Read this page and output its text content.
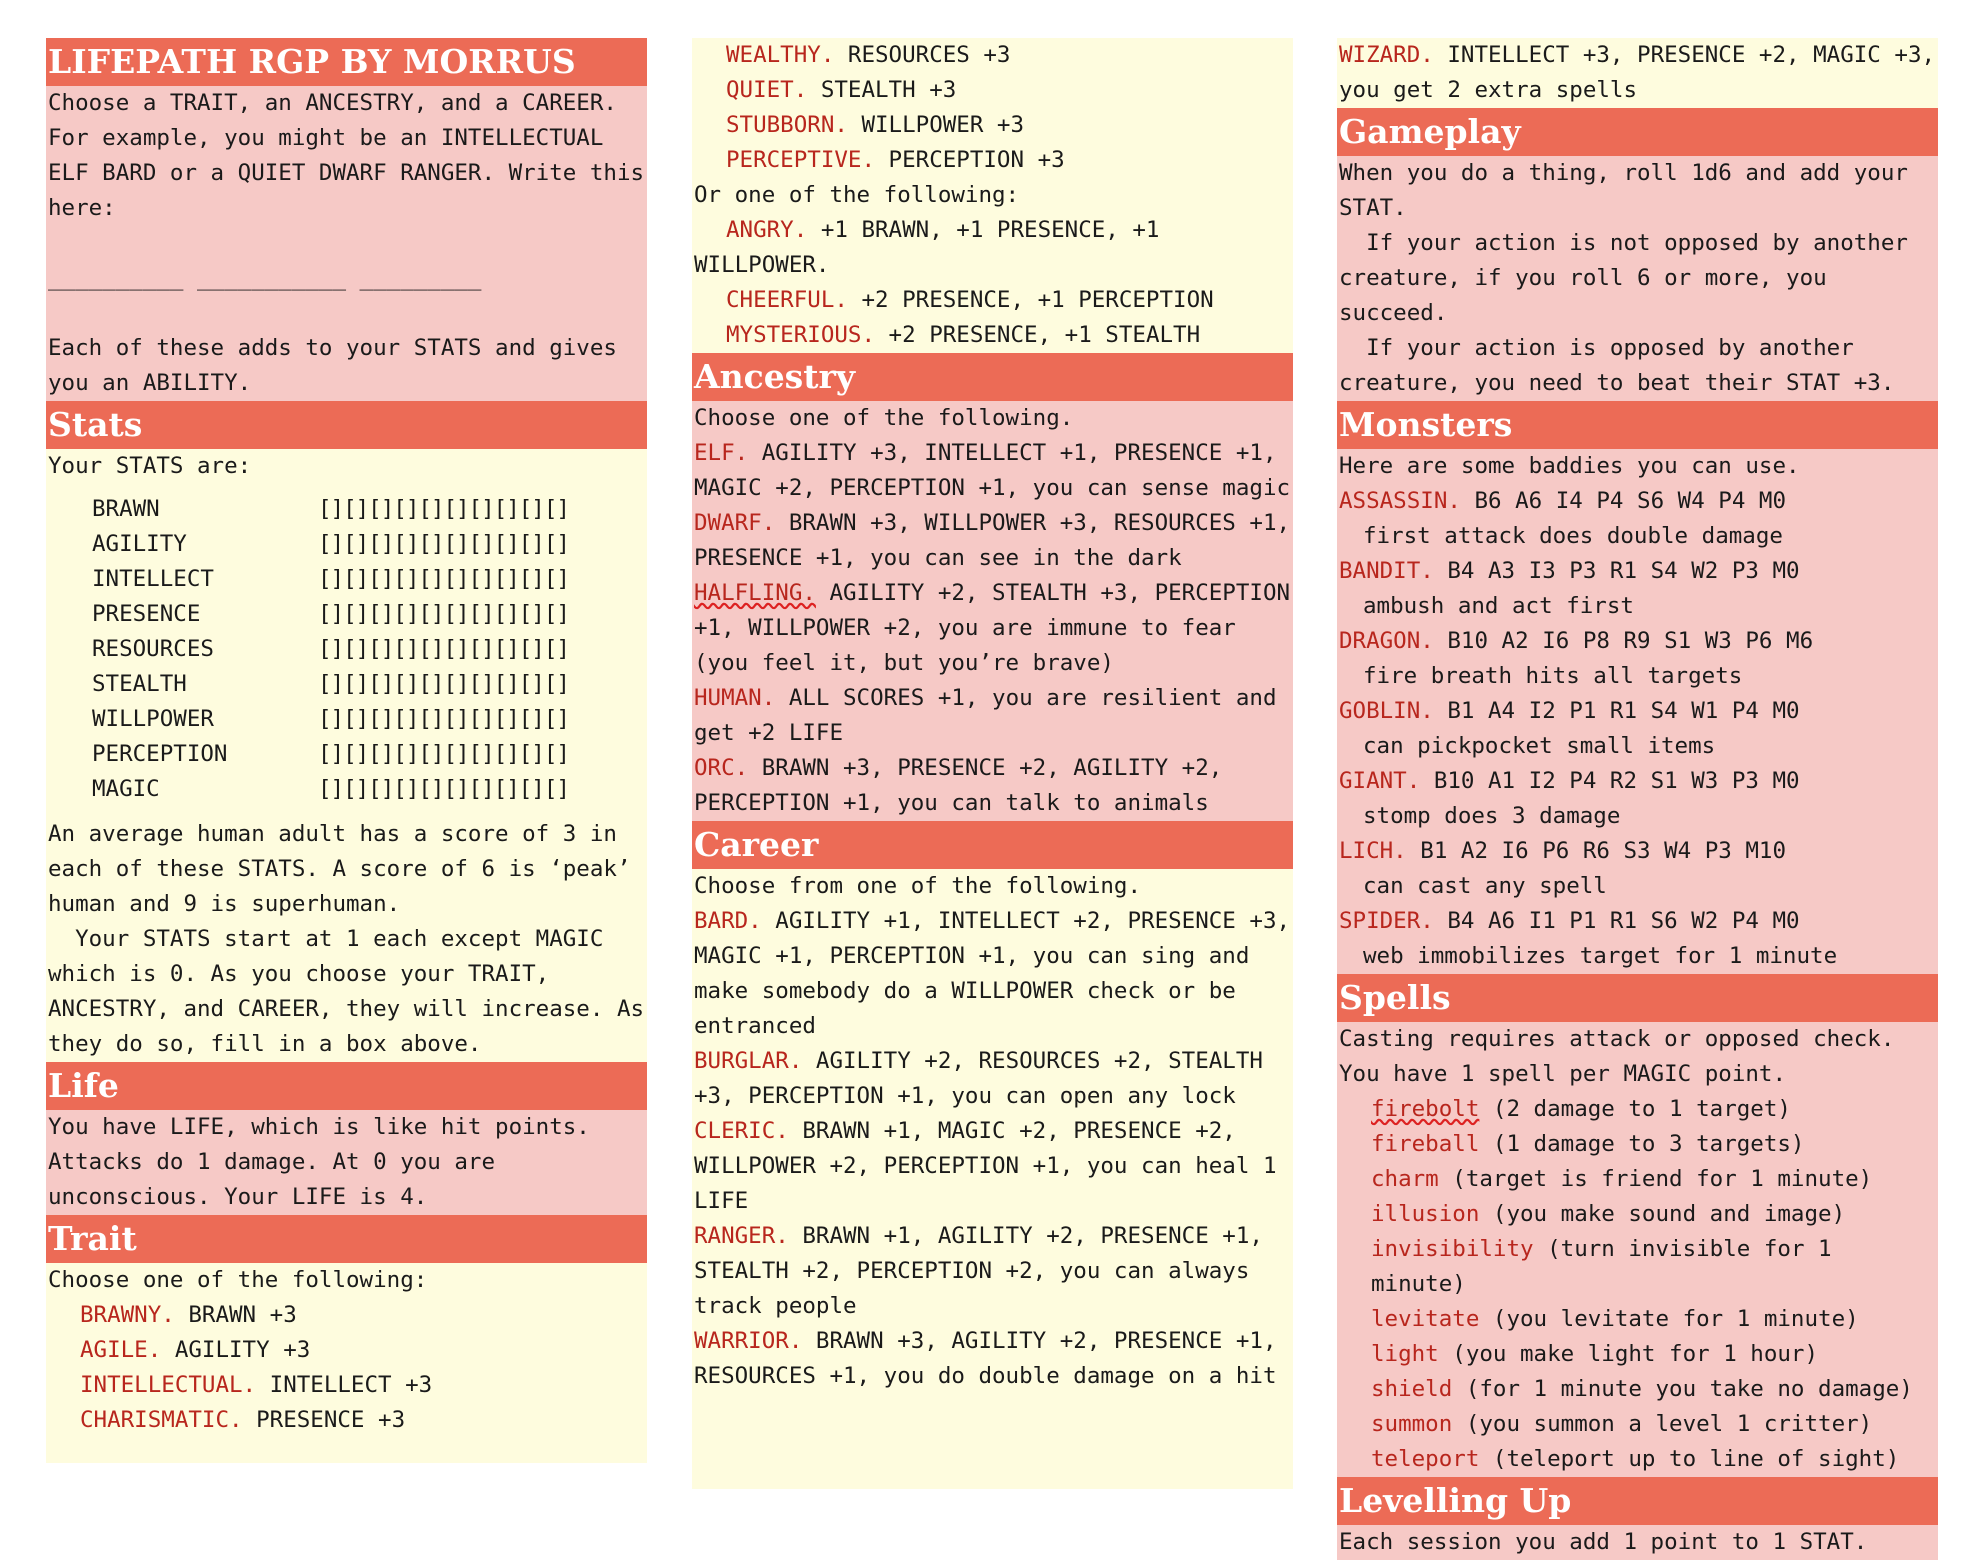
LIFEPATH RGP BY MORRUS

Choose a TRAIT, an ANCESTRY, and a CAREER. For example, you might be an INTELLECTUAL ELF BARD or a QUIET DWARF RANGER. Write this here:

__________ ___________ _________

Each of these adds to your STATS and gives you an ABILITY.

Stats

Your STATS are:

BRAWN	[][][][][][][][][][]
AGILITY	[][][][][][][][][][]
INTELLECT	[][][][][][][][][][]
PRESENCE	[][][][][][][][][][]
RESOURCES	[][][][][][][][][][]
STEALTH	[][][][][][][][][][]
WILLPOWER	[][][][][][][][][][]
PERCEPTION	[][][][][][][][][][]
MAGIC	[][][][][][][][][][]

An average human adult has a score of 3 in each of these STATS. A score of 6 is ‘peak’ human and 9 is superhuman.

Your STATS start at 1 each except MAGIC which is 0. As you choose your TRAIT, ANCESTRY, and CAREER, they will increase. As they do so, fill in a box above.

Life

You have LIFE, which is like hit points. Attacks do 1 damage. At 0 you are unconscious. Your LIFE is 4.

Trait

Choose one of the following:

BRAWNY. BRAWN +3

AGILE. AGILITY +3

INTELLECTUAL. INTELLECT +3

CHARISMATIC. PRESENCE +3

WEALTHY. RESOURCES +3

QUIET. STEALTH +3

STUBBORN. WILLPOWER +3

PERCEPTIVE. PERCEPTION +3

Or one of the following:

ANGRY. +1 BRAWN, +1 PRESENCE, +1 WILLPOWER.

CHEERFUL. +2 PRESENCE, +1 PERCEPTION

MYSTERIOUS. +2 PRESENCE, +1 STEALTH

Ancestry

Choose one of the following.

ELF. AGILITY +3, INTELLECT +1, PRESENCE +1, MAGIC +2, PERCEPTION +1, you can sense magic

DWARF. BRAWN +3, WILLPOWER +3, RESOURCES +1, PRESENCE +1, you can see in the dark

HALFLING. AGILITY +2, STEALTH +3, PERCEPTION +1, WILLPOWER +2, you are immune to fear (you feel it, but you’re brave)

HUMAN. ALL SCORES +1, you are resilient and get +2 LIFE

ORC. BRAWN +3, PRESENCE +2, AGILITY +2, PERCEPTION +1, you can talk to animals

Career

Choose from one of the following.

BARD. AGILITY +1, INTELLECT +2, PRESENCE +3, MAGIC +1, PERCEPTION +1, you can sing and make somebody do a WILLPOWER check or be entranced

BURGLAR. AGILITY +2, RESOURCES +2, STEALTH +3, PERCEPTION +1, you can open any lock

CLERIC. BRAWN +1, MAGIC +2, PRESENCE +2, WILLPOWER +2, PERCEPTION +1, you can heal 1 LIFE

RANGER. BRAWN +1, AGILITY +2, PRESENCE +1, STEALTH +2, PERCEPTION +2, you can always track people

WARRIOR. BRAWN +3, AGILITY +2, PRESENCE +1, RESOURCES +1, you do double damage on a hit

WIZARD. INTELLECT +3, PRESENCE +2, MAGIC +3, you get 2 extra spells

Gameplay

When you do a thing, roll 1d6 and add your STAT.

If your action is not opposed by another creature, if you roll 6 or more, you succeed.

If your action is opposed by another creature, you need to beat their STAT +3.

Monsters

Here are some baddies you can use.

ASSASSIN. B6 A6 I4 P4 S6 W4 P4 M0

first attack does double damage

BANDIT. B4 A3 I3 P3 R1 S4 W2 P3 M0

ambush and act first

DRAGON. B10 A2 I6 P8 R9 S1 W3 P6 M6

fire breath hits all targets

GOBLIN. B1 A4 I2 P1 R1 S4 W1 P4 M0

can pickpocket small items

GIANT. B10 A1 I2 P4 R2 S1 W3 P3 M0

stomp does 3 damage

LICH. B1 A2 I6 P6 R6 S3 W4 P3 M10

can cast any spell

SPIDER. B4 A6 I1 P1 R1 S6 W2 P4 M0

web immobilizes target for 1 minute

Spells

Casting requires attack or opposed check. You have 1 spell per MAGIC point.

firebolt (2 damage to 1 target)

fireball (1 damage to 3 targets)

charm (target is friend for 1 minute)

illusion (you make sound and image)

invisibility (turn invisible for 1 minute)

levitate (you levitate for 1 minute)

light (you make light for 1 hour)

shield (for 1 minute you take no damage)

summon (you summon a level 1 critter)

teleport (teleport up to line of sight)

Levelling Up

Each session you add 1 point to 1 STAT.
